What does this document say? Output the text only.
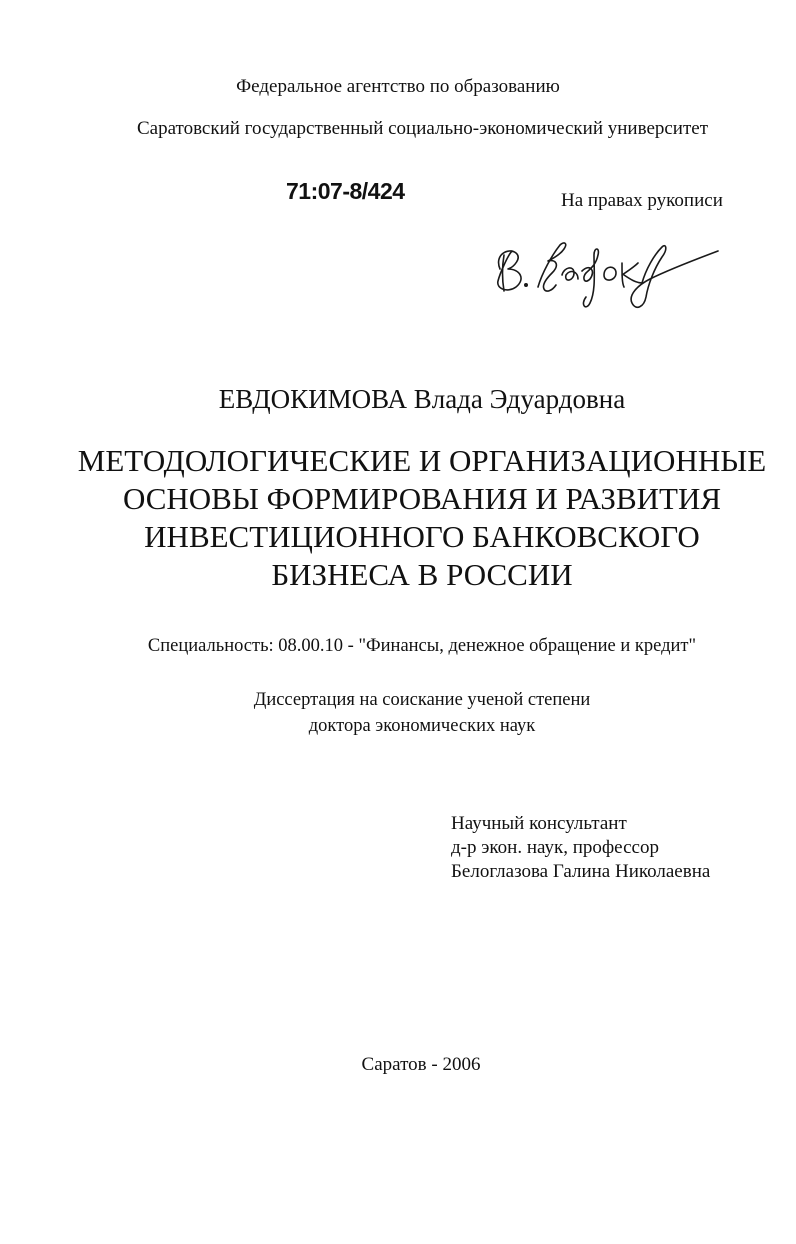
Федеральное агентство по образованию
Саратовский государственный социально-экономический университет
71:07-8/424	На правах рукописи
ЕВДОКИМОВА Влада Эдуардовна
МЕТОДОЛОГИЧЕСКИЕ И ОРГАНИЗАЦИОННЫЕ
ОСНОВЫ ФОРМИРОВАНИЯ И РАЗВИТИЯ
ИНВЕСТИЦИОННОГО БАНКОВСКОГО
БИЗНЕСА В РОССИИ
Специальность: 08.00.10 - "Финансы, денежное обращение и кредит"
Диссертация на соискание ученой степени
доктора экономических наук
Научный консультант
д-р экон. наук, профессор
Белоглазова Галина Николаевна
Саратов - 2006
